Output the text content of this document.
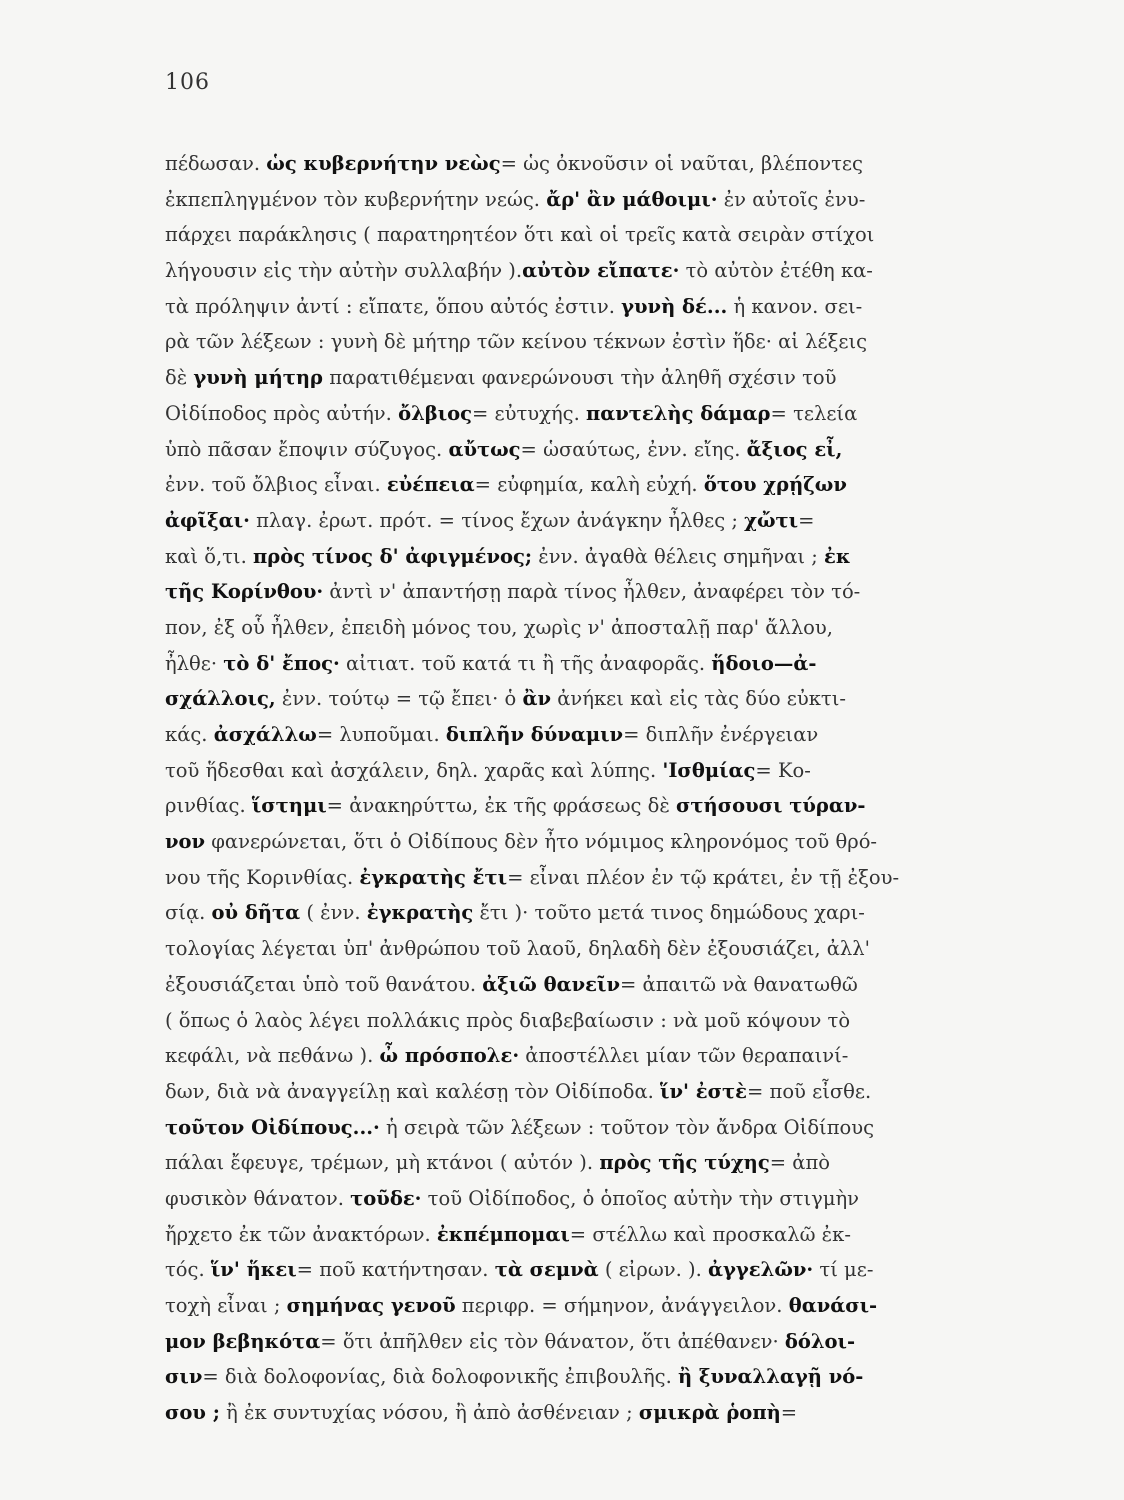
106
πέδωσαν. ὡς κυβερνήτην νεὼς= ὡς ὀκνοῦσιν οἱ ναῦται, βλέποντες
ἐκπεπληγμένον τὸν κυβερνήτην νεώς. ἄρ' ἂν μάθοιμι· ἐν αὐτοῖς ἐνυ-
πάρχει παράκλησις ( παρατηρητέον ὅτι καὶ οἱ τρεῖς κατὰ σειρὰν στίχοι
λήγουσιν εἰς τὴν αὐτὴν συλλαβήν ).αὐτὸν εἴπατε· τὸ αὐτὸν ἐτέθη κα-
τὰ πρόληψιν ἀντί : εἴπατε, ὅπου αὐτός ἐστιν. γυνὴ δέ... ἡ κανον. σει-
ρὰ τῶν λέξεων : γυνὴ δὲ μήτηρ τῶν κείνου τέκνων ἐστὶν ἥδε· αἱ λέξεις
δὲ γυνὴ μήτηρ παρατιθέμεναι φανερώνουσι τὴν ἀληθῆ σχέσιν τοῦ
Οἰδίποδος πρὸς αὐτήν. ὄλβιος= εὐτυχής. παντελὴς δάμαρ= τελεία
ὑπὸ πᾶσαν ἔποψιν σύζυγος. αὔτως= ὡσαύτως, ἐνν. εἴης. ἄξιος εἶ,
ἐνν. τοῦ ὄλβιος εἶναι. εὐέπεια= εὐφημία, καλὴ εὐχή. ὅτου χρῄζων
ἀφῖξαι· πλαγ. ἐρωτ. πρότ. = τίνος ἔχων ἀνάγκην ἦλθες ; χὤτι=
καὶ ὅ,τι. πρὸς τίνος δ' ἀφιγμένος; ἐνν. ἀγαθὰ θέλεις σημῆναι ; ἐκ
τῆς Κορίνθου· ἀντὶ ν' ἀπαντήσῃ παρὰ τίνος ἦλθεν, ἀναφέρει τὸν τό-
πον, ἐξ οὗ ἦλθεν, ἐπειδὴ μόνος του, χωρὶς ν' ἀποσταλῇ παρ' ἄλλου,
ἦλθε· τὸ δ' ἔπος· αἰτιατ. τοῦ κατά τι ἢ τῆς ἀναφορᾶς. ἥδοιο—ἀ-
σχάλλοις, ἐνν. τούτῳ = τῷ ἔπει· ὁ ἂν ἀνήκει καὶ εἰς τὰς δύο εὐκτι-
κάς. ἀσχάλλω= λυποῦμαι. διπλῆν δύναμιν= διπλῆν ἐνέργειαν
τοῦ ἥδεσθαι καὶ ἀσχάλειν, δηλ. χαρᾶς καὶ λύπης. 'Ισθμίας= Κο-
ρινθίας. ἵστημι= ἀνακηρύττω, ἐκ τῆς φράσεως δὲ στήσουσι τύραν-
νον φανερώνεται, ὅτι ὁ Οἰδίπους δὲν ἦτο νόμιμος κληρονόμος τοῦ θρό-
νου τῆς Κορινθίας. ἐγκρατὴς ἔτι= εἶναι πλέον ἐν τῷ κράτει, ἐν τῇ ἐξου-
σίᾳ. οὐ δῆτα ( ἐνν. ἐγκρατὴς ἔτι )· τοῦτο μετά τινος δημώδους χαρι-
τολογίας λέγεται ὑπ' ἀνθρώπου τοῦ λαοῦ, δηλαδὴ δὲν ἐξουσιάζει, ἀλλ'
ἐξουσιάζεται ὑπὸ τοῦ θανάτου. ἀξιῶ θανεῖν= ἀπαιτῶ νὰ θανατωθῶ
( ὅπως ὁ λαὸς λέγει πολλάκις πρὸς διαβεβαίωσιν : νὰ μοῦ κόψουν τὸ
κεφάλι, νὰ πεθάνω ). ὦ πρόσπολε· ἀποστέλλει μίαν τῶν θεραπαινί-
δων, διὰ νὰ ἀναγγείλῃ καὶ καλέσῃ τὸν Οἰδίποδα. ἵν' ἐστὲ= ποῦ εἶσθε.
τοῦτον Οἰδίπους...· ἡ σειρὰ τῶν λέξεων : τοῦτον τὸν ἄνδρα Οἰδίπους
πάλαι ἔφευγε, τρέμων, μὴ κτάνοι ( αὐτόν ). πρὸς τῆς τύχης= ἀπὸ
φυσικὸν θάνατον. τοῦδε· τοῦ Οἰδίποδος, ὁ ὁποῖος αὐτὴν τὴν στιγμὴν
ἤρχετο ἐκ τῶν ἀνακτόρων. ἐκπέμπομαι= στέλλω καὶ προσκαλῶ ἐκ-
τός. ἵν' ἥκει= ποῦ κατήντησαν. τὰ σεμνὰ ( εἰρων. ). ἀγγελῶν· τί με-
τοχὴ εἶναι ; σημήνας γενοῦ περιφρ. = σήμηνον, ἀνάγγειλον. θανάσι-
μον βεβηκότα= ὅτι ἀπῆλθεν εἰς τὸν θάνατον, ὅτι ἀπέθανεν· δόλοι-
σιν= διὰ δολοφονίας, διὰ δολοφονικῆς ἐπιβουλῆς. ἢ ξυναλλαγῇ νό-
σου ; ἢ ἐκ συντυχίας νόσου, ἢ ἀπὸ ἀσθένειαν ; σμικρὰ ῥοπὴ=
